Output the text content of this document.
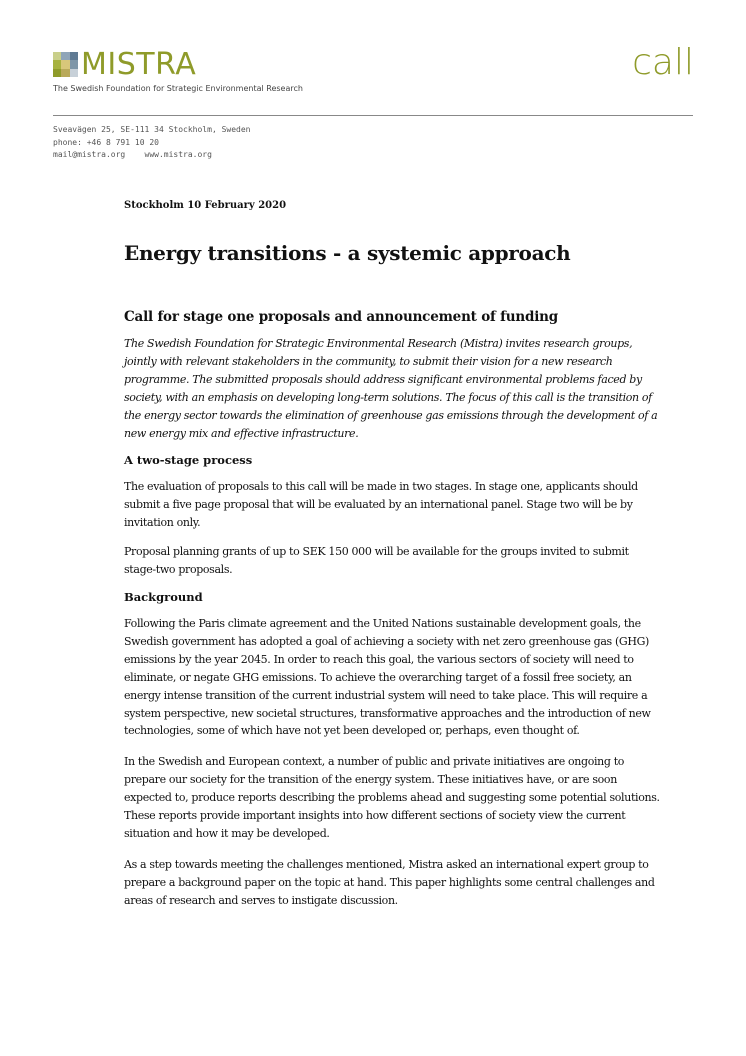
MISTRA
The Swedish Foundation for Strategic Environmental Research
call
Sveavägen 25, SE-111 34 Stockholm, Sweden
phone: +46 8 791 10 20
mail@mistra.org    www.mistra.org

Stockholm 10 February 2020

Energy transitions - a systemic approach
Call for stage one proposals and announcement of funding

The Swedish Foundation for Strategic Environmental Research (Mistra) invites research groups, jointly with relevant stakeholders in the community, to submit their vision for a new research programme. The submitted proposals should address significant environmental problems faced by society, with an emphasis on developing long-term solutions. The focus of this call is the transition of the energy sector towards the elimination of greenhouse gas emissions through the development of a new energy mix and effective infrastructure.

A two-stage process

The evaluation of proposals to this call will be made in two stages. In stage one, applicants should submit a five page proposal that will be evaluated by an international panel. Stage two will be by invitation only.

Proposal planning grants of up to SEK 150 000 will be available for the groups invited to submit stage-two proposals.

Background

Following the Paris climate agreement and the United Nations sustainable development goals, the Swedish government has adopted a goal of achieving a society with net zero greenhouse gas (GHG) emissions by the year 2045. In order to reach this goal, the various sectors of society will need to eliminate, or negate GHG emissions. To achieve the overarching target of a fossil free society, an energy intense transition of the current industrial system will need to take place. This will require a system perspective, new societal structures, transformative approaches and the introduction of new technologies, some of which have not yet been developed or, perhaps, even thought of.

In the Swedish and European context, a number of public and private initiatives are ongoing to prepare our society for the transition of the energy system. These initiatives have, or are soon expected to, produce reports describing the problems ahead and suggesting some potential solutions. These reports provide important insights into how different sections of society view the current situation and how it may be developed.

As a step towards meeting the challenges mentioned, Mistra asked an international expert group to prepare a background paper on the topic at hand. This paper highlights some central challenges and areas of research and serves to instigate discussion.
